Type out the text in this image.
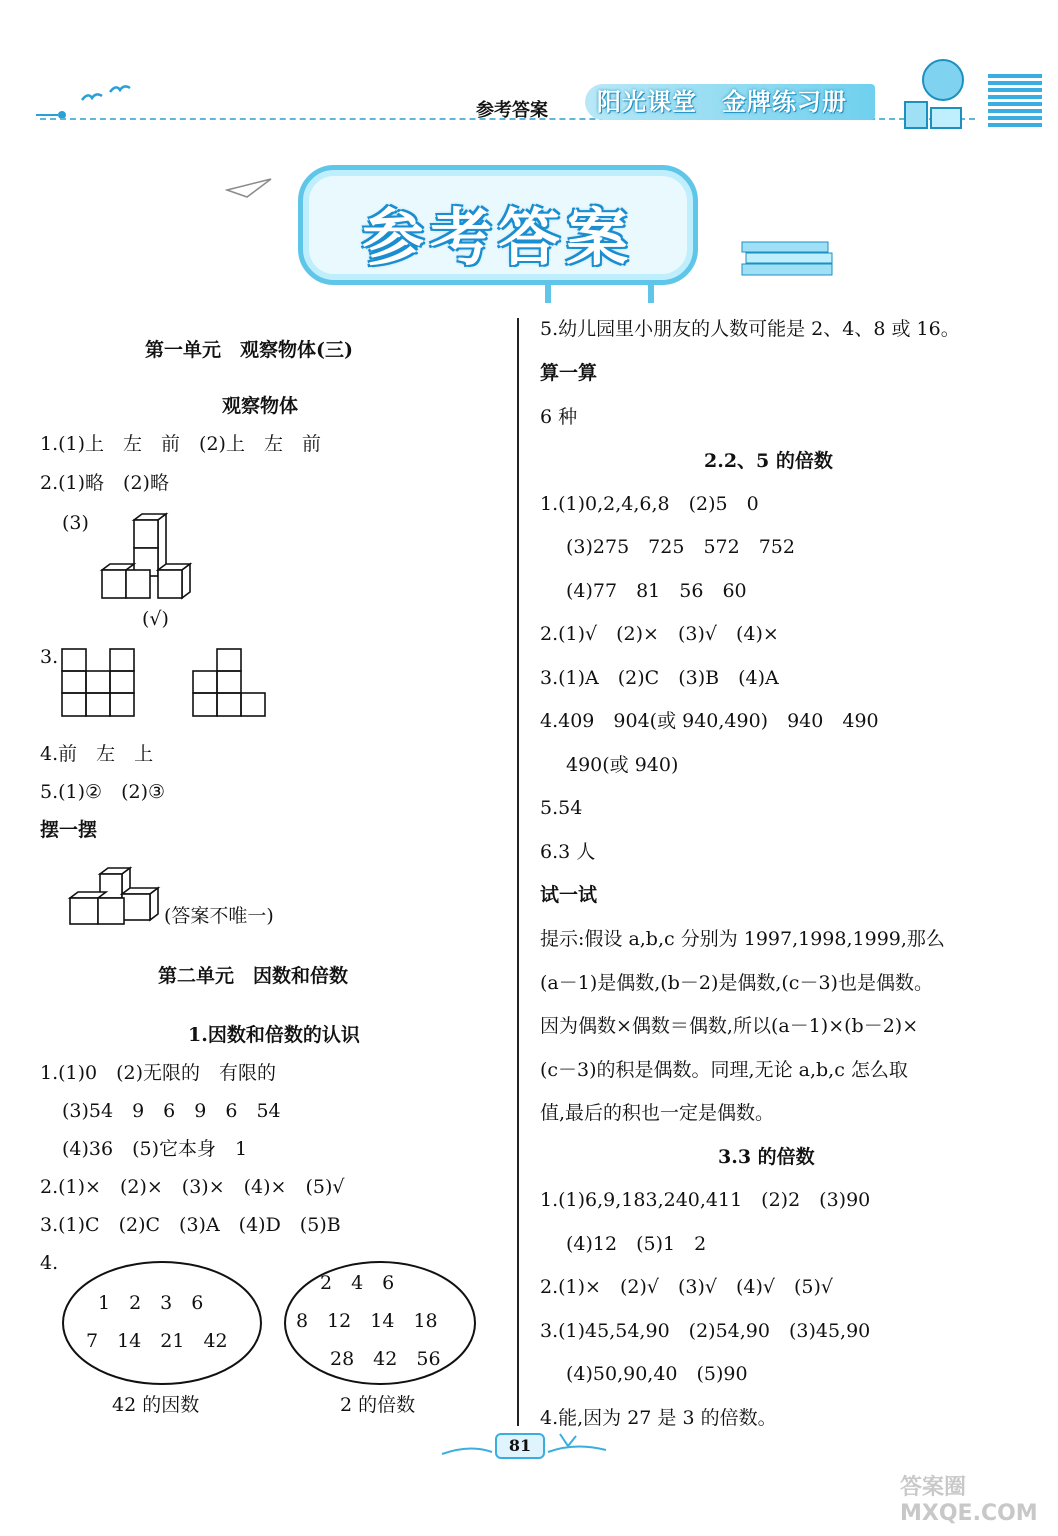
参考答案	阳光课堂　金牌练习册
参考答案
第一单元　观察物体(三)
观察物体
1.(1)上　左　前　(2)上　左　前
2.(1)略　(2)略
(3)
(√)
3.
4.前　左　上
5.(1)②　(2)③
摆一摆
(答案不唯一)
第二单元　因数和倍数
1.因数和倍数的认识
1.(1)0　(2)无限的　有限的
(3)54　9　6　9　6　54
(4)36　(5)它本身　1
2.(1)×　(2)×　(3)×　(4)×　(5)√
3.(1)C　(2)C　(3)A　(4)D　(5)B
4.
1　2　3　6
7　14　21　42
42 的因数
2　4　6
8　12　14　18
28　42　56
2 的倍数
5.幼儿园里小朋友的人数可能是 2、4、8 或 16。
算一算
6 种
2.2、5 的倍数
1.(1)0,2,4,6,8　(2)5　0
(3)275　725　572　752
(4)77　81　56　60
2.(1)√　(2)×　(3)√　(4)×
3.(1)A　(2)C　(3)B　(4)A
4.409　904(或 940,490)　940　490
490(或 940)
5.54
6.3 人
试一试
提示:假设 a,b,c 分别为 1997,1998,1999,那么
(a－1)是偶数,(b－2)是偶数,(c－3)也是偶数。
因为偶数×偶数＝偶数,所以(a－1)×(b－2)×
(c－3)的积是偶数。同理,无论 a,b,c 怎么取
值,最后的积也一定是偶数。
3.3 的倍数
1.(1)6,9,183,240,411　(2)2　(3)90
(4)12　(5)1　2
2.(1)×　(2)√　(3)√　(4)√　(5)√
3.(1)45,54,90　(2)54,90　(3)45,90
(4)50,90,40　(5)90
4.能,因为 27 是 3 的倍数。
81
答案圈 MXQE.COM
